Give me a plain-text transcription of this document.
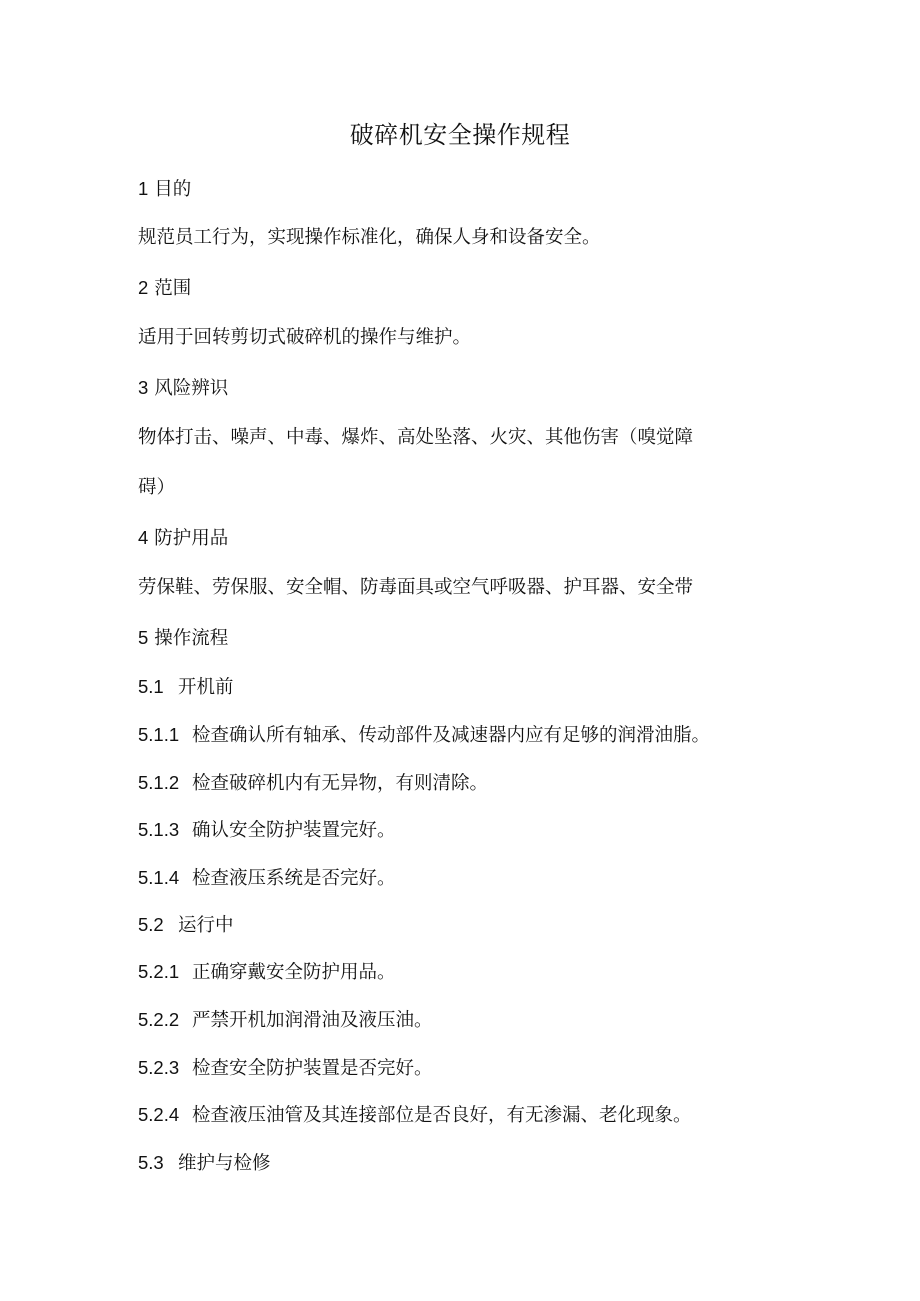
破碎机安全操作规程
1 目的
规范员工行为，实现操作标准化，确保人身和设备安全。
2 范围
适用于回转剪切式破碎机的操作与维护。
3 风险辨识
物体打击、噪声、中毒、爆炸、高处坠落、火灾、其他伤害（嗅觉障
碍）
4 防护用品
劳保鞋、劳保服、安全帽、防毒面具或空气呼吸器、护耳器、安全带
5 操作流程
5.1 开机前
5.1.1 检查确认所有轴承、传动部件及减速器内应有足够的润滑油脂。
5.1.2 检查破碎机内有无异物，有则清除。
5.1.3 确认安全防护装置完好。
5.1.4 检查液压系统是否完好。
5.2 运行中
5.2.1 正确穿戴安全防护用品。
5.2.2 严禁开机加润滑油及液压油。
5.2.3 检查安全防护装置是否完好。
5.2.4 检查液压油管及其连接部位是否良好，有无渗漏、老化现象。
5.3 维护与检修
